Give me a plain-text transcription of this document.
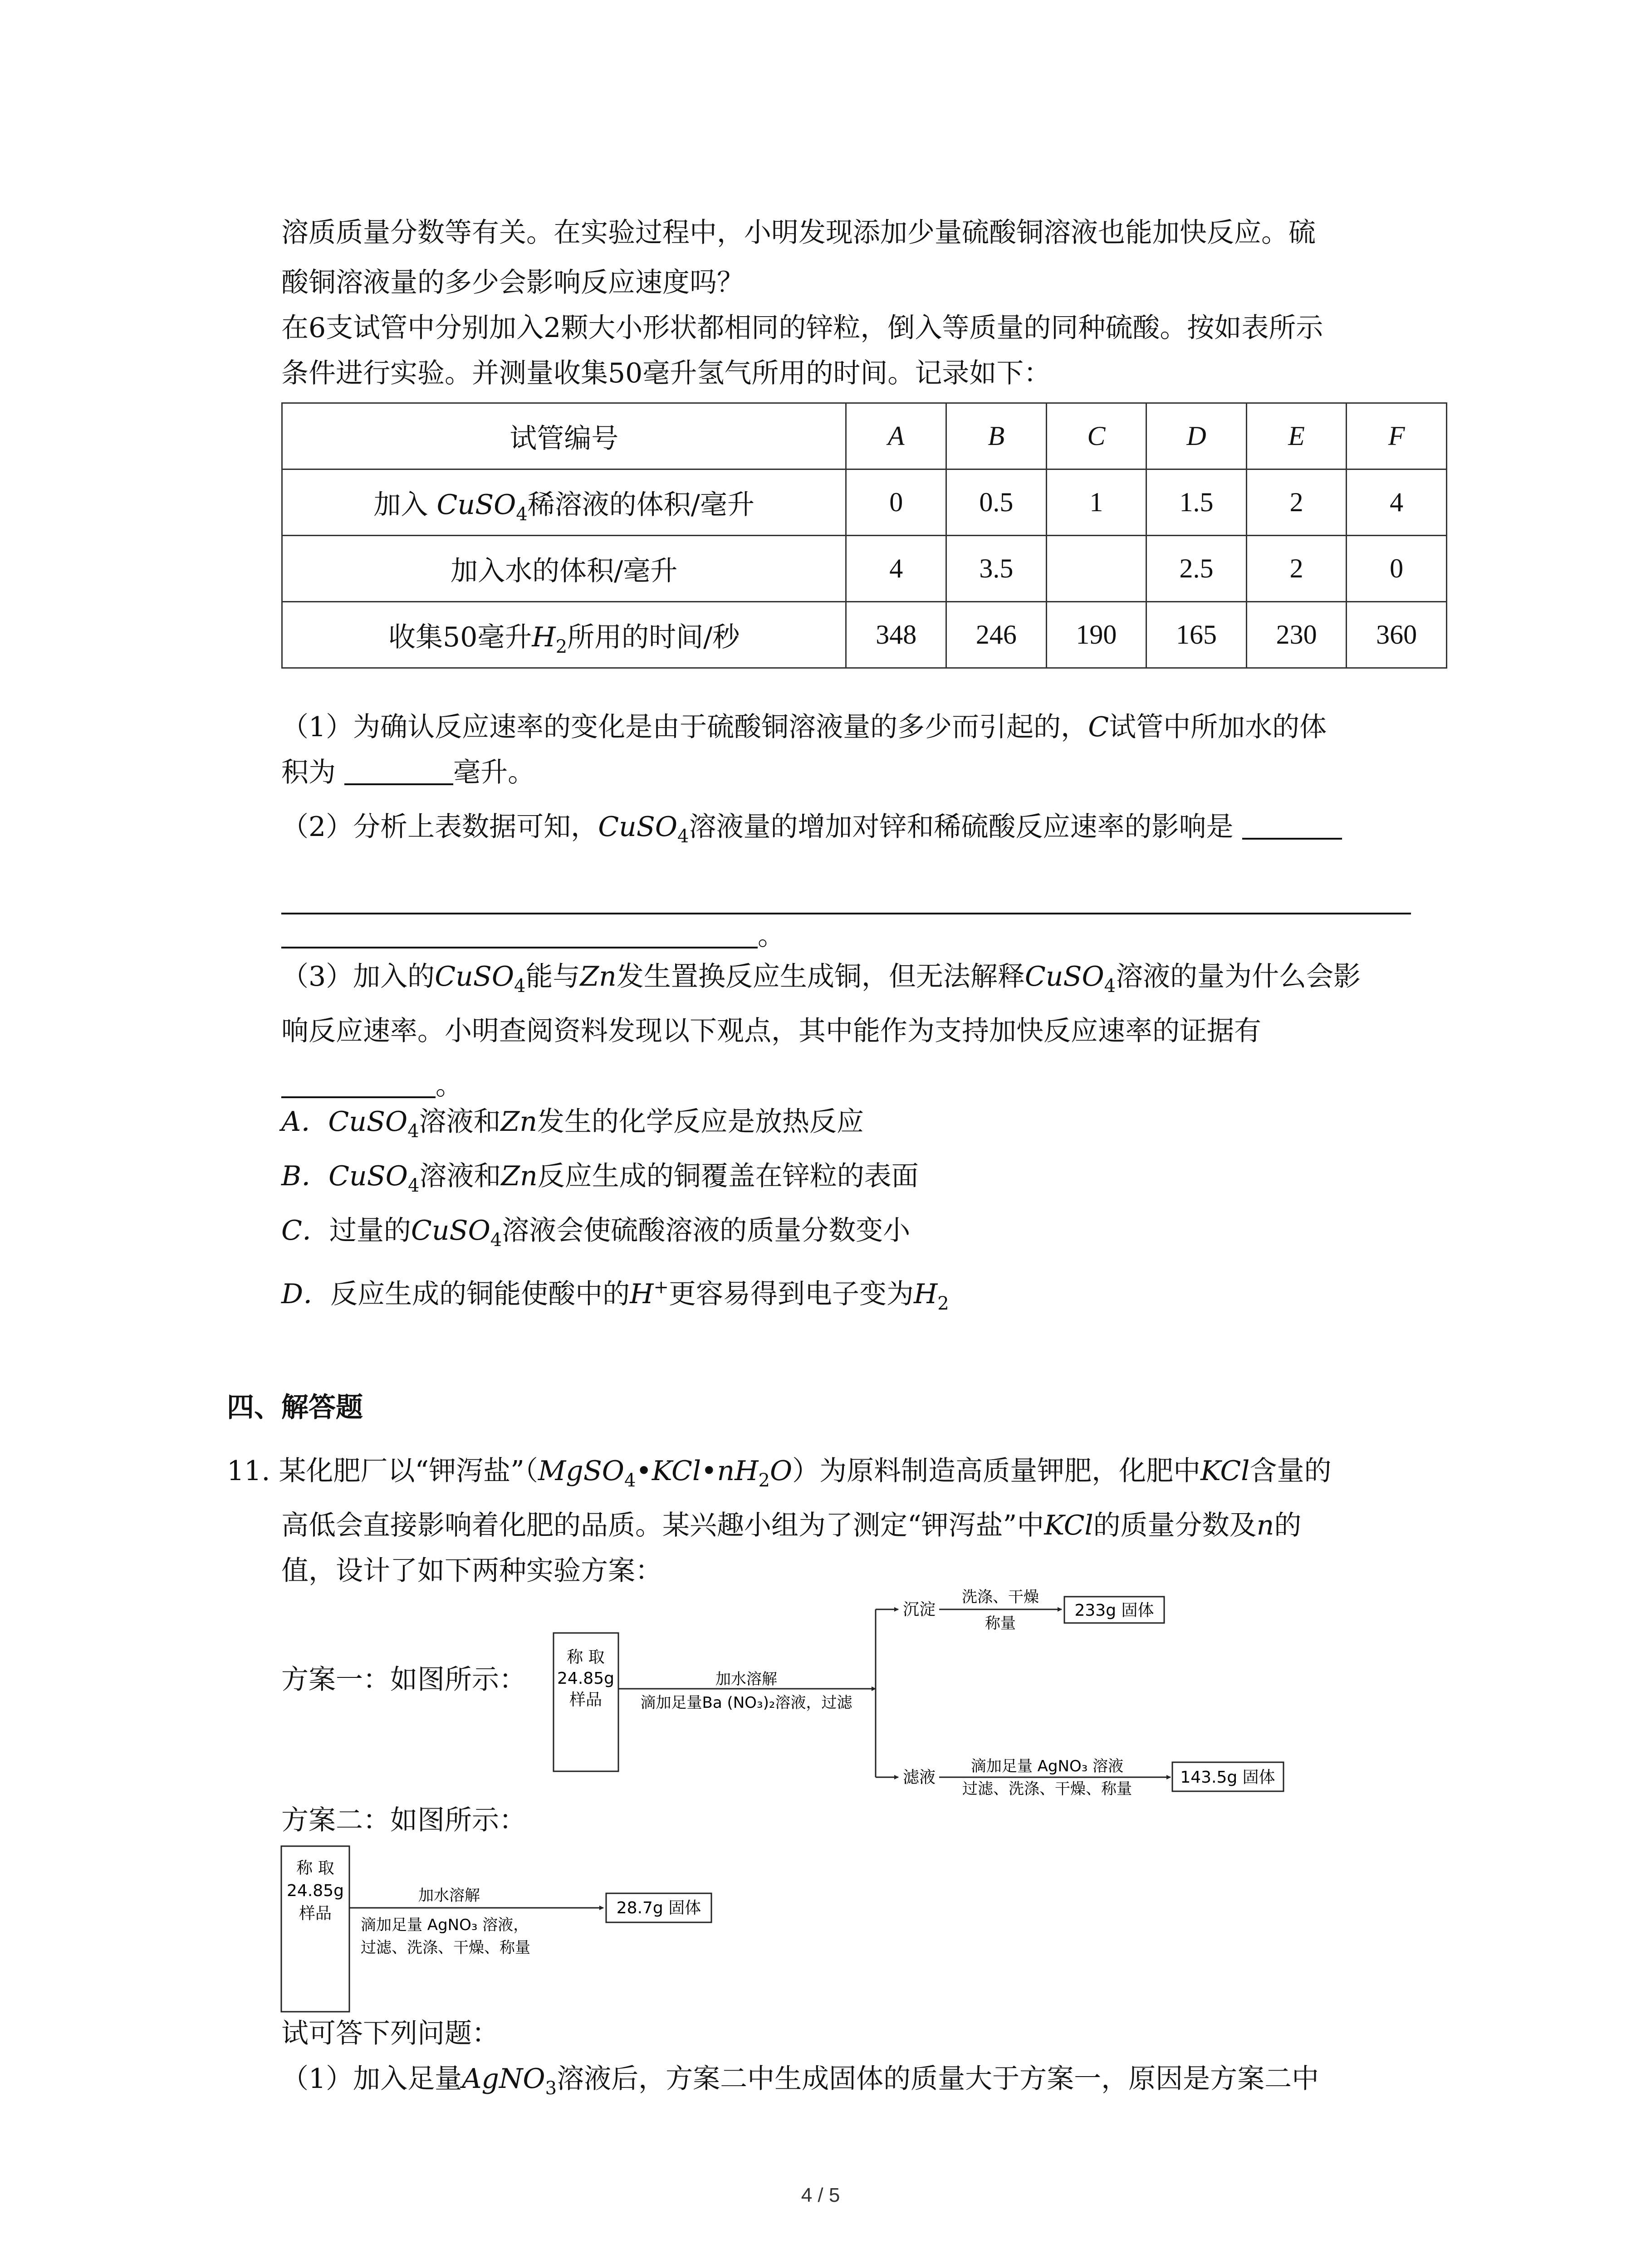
溶质质量分数等有关。在实验过程中，小明发现添加少量硫酸铜溶液也能加快反应。硫
酸铜溶液量的多少会影响反应速度吗？
在6支试管中分别加入2颗大小形状都相同的锌粒，倒入等质量的同种硫酸。按如表所示
条件进行实验。并测量收集50毫升氢气所用的时间。记录如下：
试管编号	A	B	C	D	E	F
加入 CuSO$_4$稀溶液的体积/毫升	0	0.5	1	1.5	2	4
加入水的体积/毫升	4	3.5		2.5	2	0
收集50毫升$H_2$所用的时间/秒	348	246	190	165	230	360
（1）为确认反应速率的变化是由于硫酸铜溶液量的多少而引起的，C试管中所加水的体
积为	毫升。
（2）分析上表数据可知，CuSO$_4$溶液量的增加对锌和稀硫酸反应速率的影响是
。
（3）加入的CuSO$_4$能与Zn发生置换反应生成铜，但无法解释CuSO$_4$溶液的量为什么会影
响反应速率。小明查阅资料发现以下观点，其中能作为支持加快反应速率的证据有
。
A．CuSO$_4$溶液和Zn发生的化学反应是放热反应
B．CuSO$_4$溶液和Zn反应生成的铜覆盖在锌粒的表面
C．过量的CuSO$_4$溶液会使硫酸溶液的质量分数变小
D．反应生成的铜能使酸中的H+更容易得到电子变为$H_2$
四、解答题
11. 某化肥厂以“钾泻盐$”(MgSO_4•KCl•nH_2O)$为原料制造高质量钾肥，化肥中KCl含量的
高低会直接影响着化肥的品质。某兴趣小组为了测定“钾泻盐”中KCl的质量分数及n的
值，设计了如下两种实验方案：
方案一：如图所示：
称 取
24.85g
样品
加水溶解
滴加足量Ba (NO₃)₂溶液，过滤
沉淀
洗涤、干燥
称量
233g 固体
滤液
滴加足量 AgNO₃ 溶液
过滤、洗涤、干燥、称量
143.5g 固体
方案二：如图所示：
称 取
24.85g
样品
加水溶解
滴加足量 AgNO₃ 溶液，
过滤、洗涤、干燥、称量
28.7g 固体
试可答下列问题：
（1）加入足量AgNO$_3$溶液后，方案二中生成固体的质量大于方案一，原因是方案二中
4 / 5
